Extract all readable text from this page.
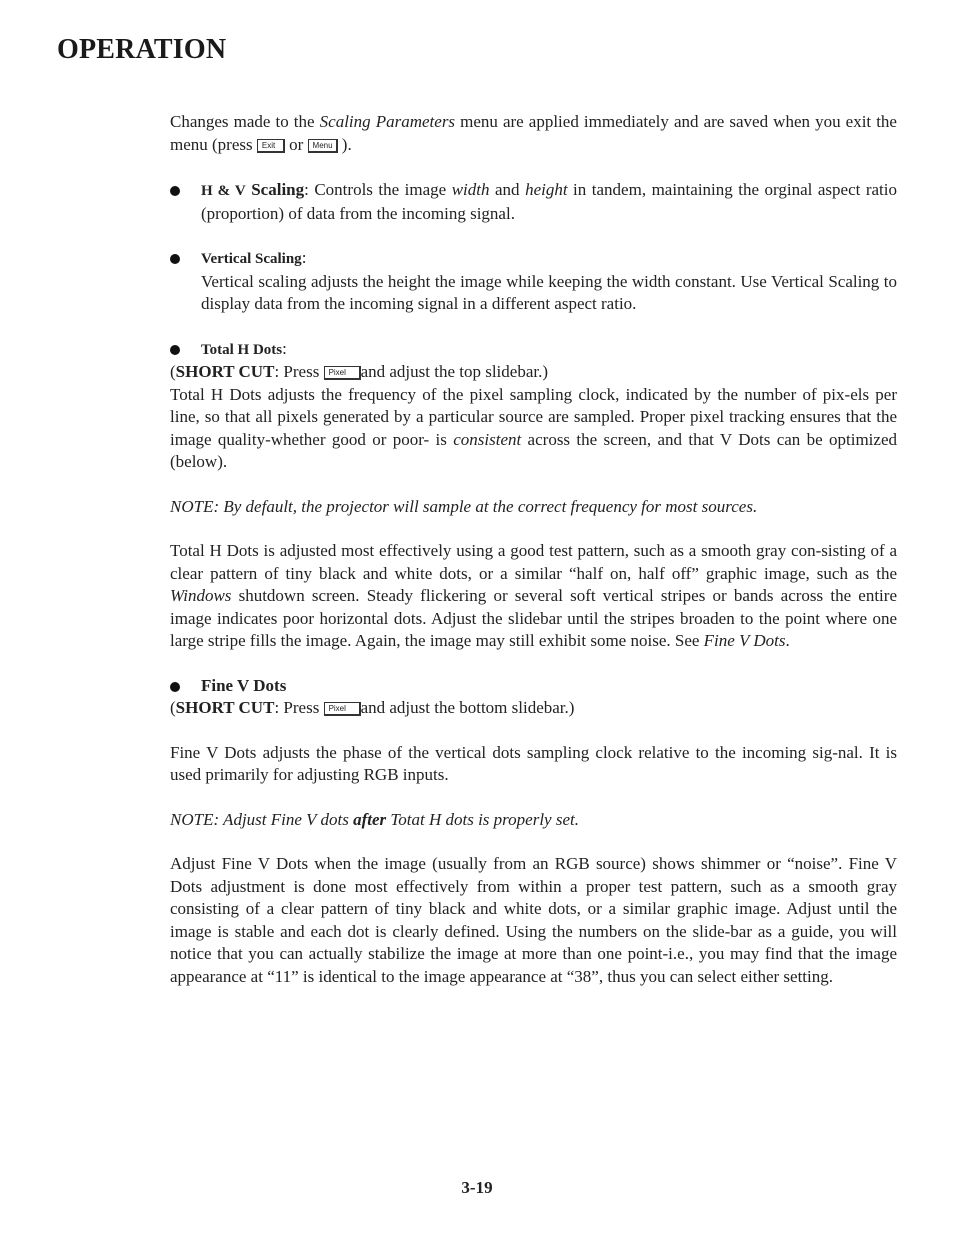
OPERATION

Changes made to the Scaling Parameters menu are applied immediately and are saved when you exit the menu (press Exit or Menu ).

H & V Scaling: Controls the image width and height in tandem, maintaining the orginal aspect ratio (proportion) of data from the incoming signal.

Vertical Scaling:

Vertical scaling adjusts the height the image while keeping the width constant. Use Vertical Scaling to display data from the incoming signal in a different aspect ratio.

Total H Dots:

(SHORT CUT: Press Pixel and adjust the top slidebar.)

Total H Dots adjusts the frequency of the pixel sampling clock, indicated by the number of pix-els per line, so that all pixels generated by a particular source are sampled. Proper pixel tracking ensures that the image quality-whether good or poor- is consistent across the screen, and that V Dots can be optimized (below).

NOTE: By default, the projector will sample at the correct frequency for most sources.

Total H Dots is adjusted most effectively using a good test pattern, such as a smooth gray con-sisting of a clear pattern of tiny black and white dots, or a similar “half on, half off” graphic image, such as the Windows shutdown screen. Steady flickering or several soft vertical stripes or bands across the entire image indicates poor horizontal dots. Adjust the slidebar until the stripes broaden to the point where one large stripe fills the image. Again, the image may still exhibit some noise. See Fine V Dots.

Fine V Dots

(SHORT CUT: Press Pixel and adjust the bottom slidebar.)

Fine V Dots adjusts the phase of the vertical dots sampling clock relative to the incoming sig-nal. It is used primarily for adjusting RGB inputs.

NOTE: Adjust Fine V dots after Totat H dots is properly set.

Adjust Fine V Dots when the image (usually from an RGB source) shows shimmer or “noise”. Fine V Dots adjustment is done most effectively from within a proper test pattern, such as a smooth gray consisting of a clear pattern of tiny black and white dots, or a similar graphic image. Adjust until the image is stable and each dot is clearly defined. Using the numbers on the slide-bar as a guide, you will notice that you can actually stabilize the image at more than one point-i.e., you may find that the image appearance at “11” is identical to the image appearance at “38”, thus you can select either setting.

3-19
